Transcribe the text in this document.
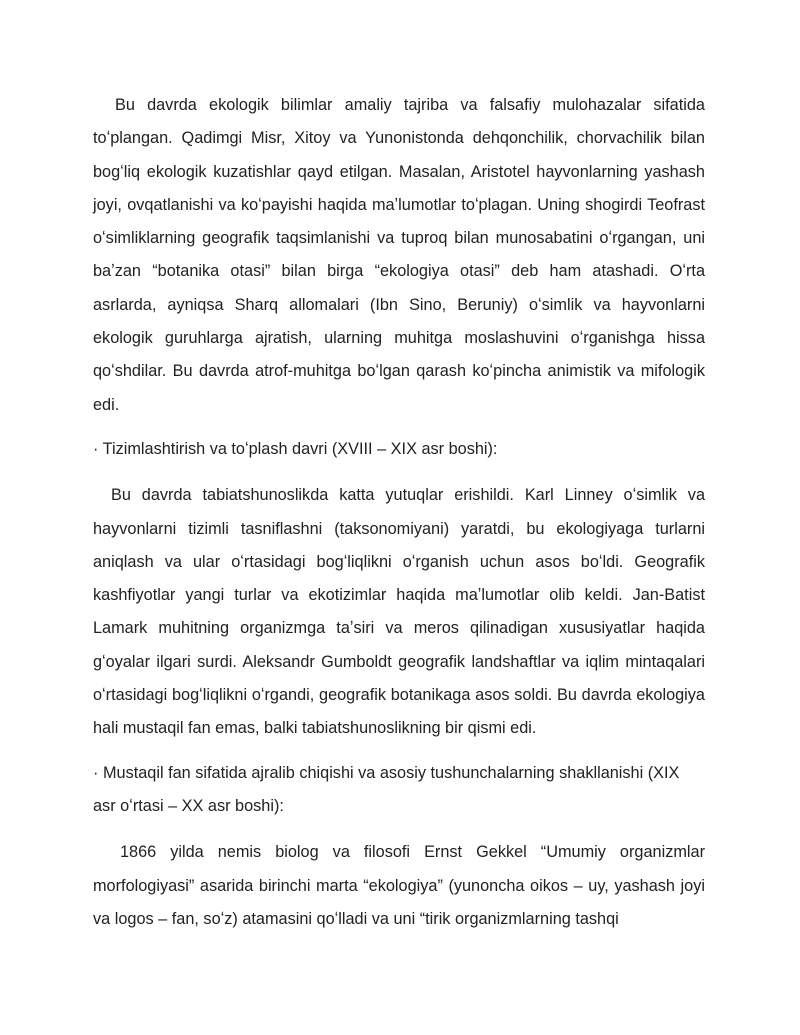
Bu davrda ekologik bilimlar amaliy tajriba va falsafiy mulohazalar sifatida toʻplangan. Qadimgi Misr, Xitoy va Yunonistonda dehqonchilik, chorvachilik bilan bogʻliq ekologik kuzatishlar qayd etilgan. Masalan, Aristotel hayvonlarning yashash joyi, ovqatlanishi va koʻpayishi haqida maʼlumotlar toʻplagan. Uning shogirdi Teofrast oʻsimliklarning geografik taqsimlanishi va tuproq bilan munosabatini oʻrgangan, uni baʼzan “botanika otasi” bilan birga “ekologiya otasi” deb ham atashadi. Oʻrta asrlarda, ayniqsa Sharq allomalari (Ibn Sino, Beruniy) oʻsimlik va hayvonlarni ekologik guruhlarga ajratish, ularning muhitga moslashuvini oʻrganishga hissa qoʻshdilar. Bu davrda atrof-muhitga boʻlgan qarash koʻpincha animistik va mifologik edi.

· Tizimlashtirish va toʻplash davri (XVIII – XIX asr boshi):

Bu davrda tabiatshunoslikda katta yutuqlar erishildi. Karl Linney oʻsimlik va hayvonlarni tizimli tasniflashni (taksonomiyani) yaratdi, bu ekologiyaga turlarni aniqlash va ular oʻrtasidagi bogʻliqlikni oʻrganish uchun asos boʻldi. Geografik kashfiyotlar yangi turlar va ekotizimlar haqida maʼlumotlar olib keldi. Jan-Batist Lamark muhitning organizmga taʼsiri va meros qilinadigan xususiyatlar haqida gʻoyalar ilgari surdi. Aleksandr Gumboldt geografik landshaftlar va iqlim mintaqalari oʻrtasidagi bogʻliqlikni oʻrgandi, geografik botanikaga asos soldi. Bu davrda ekologiya hali mustaqil fan emas, balki tabiatshunoslikning bir qismi edi.

· Mustaqil fan sifatida ajralib chiqishi va asosiy tushunchalarning shakllanishi (XIX asr oʻrtasi – XX asr boshi):

1866 yilda nemis biolog va filosofi Ernst Gekkel “Umumiy organizmlar morfologiyasi” asarida birinchi marta “ekologiya” (yunoncha oikos – uy, yashash joyi va logos – fan, soʻz) atamasini qoʻlladi va uni “tirik organizmlarning tashqi
